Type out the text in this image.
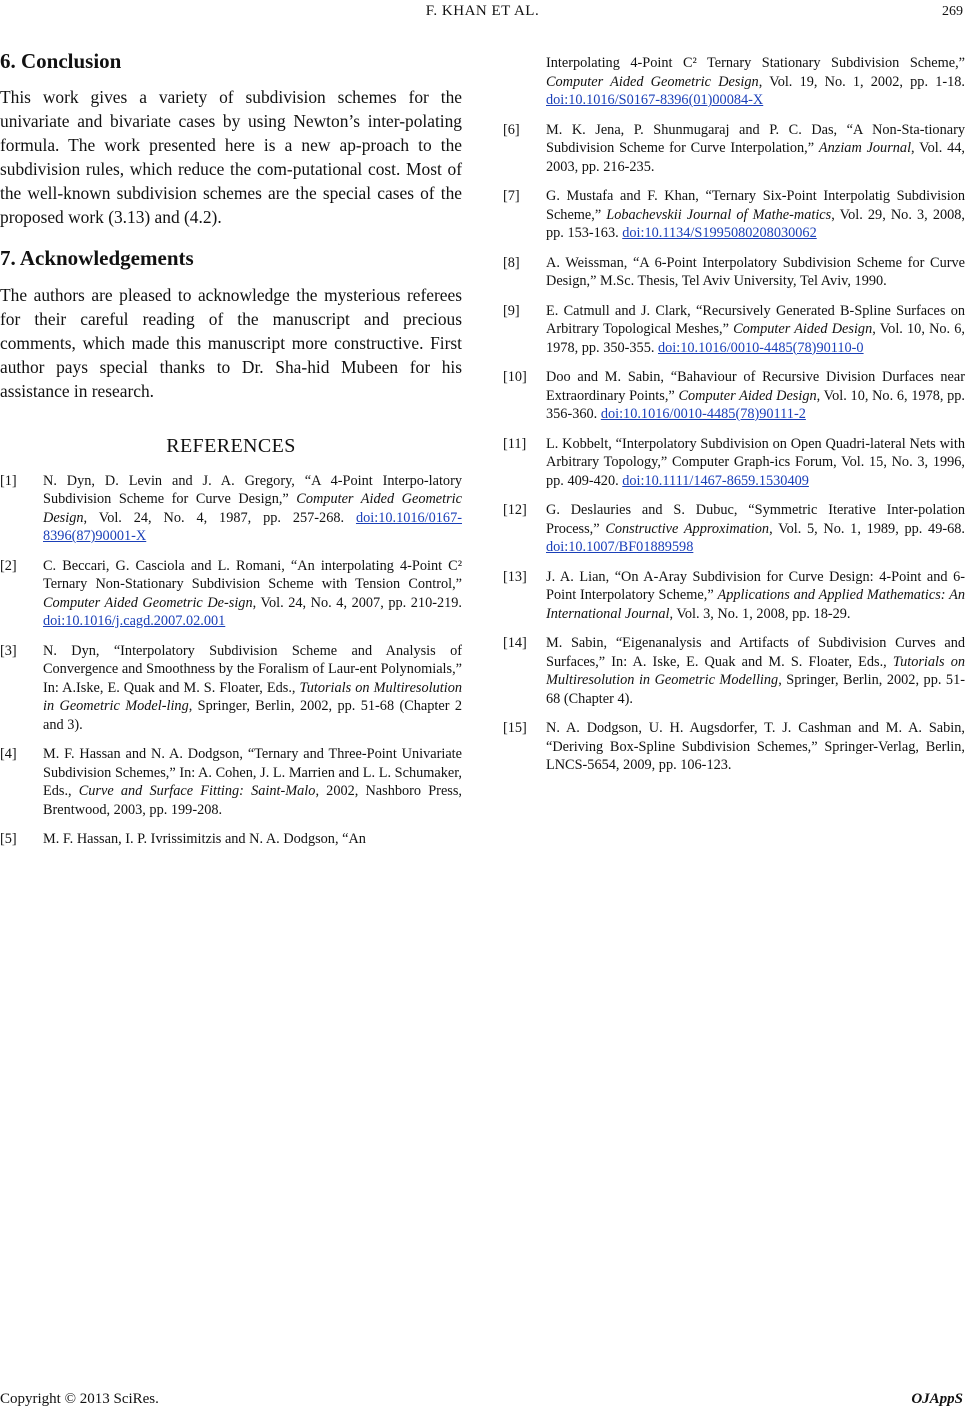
F. KHAN ET AL.	269
6. Conclusion

This work gives a variety of subdivision schemes for the univariate and bivariate cases by using Newton’s inter-polating formula. The work presented here is a new ap-proach to the subdivision rules, which reduce the com-putational cost. Most of the well-known subdivision schemes are the special cases of the proposed work (3.13) and (4.2).

7. Acknowledgements

The authors are pleased to acknowledge the mysterious referees for their careful reading of the manuscript and precious comments, which made this manuscript more constructive. First author pays special thanks to Dr. Sha-hid Mubeen for his assistance in research.

REFERENCES
[1] N. Dyn, D. Levin and J. A. Gregory, “A 4-Point Interpo-latory Subdivision Scheme for Curve Design,” Computer Aided Geometric Design, Vol. 24, No. 4, 1987, pp. 257-268. doi:10.1016/0167-8396(87)90001-X
[2] C. Beccari, G. Casciola and L. Romani, “An interpolating 4-Point C² Ternary Non-Stationary Subdivision Scheme with Tension Control,” Computer Aided Geometric De-sign, Vol. 24, No. 4, 2007, pp. 210-219. doi:10.1016/j.cagd.2007.02.001
[3] N. Dyn, “Interpolatory Subdivision Scheme and Analysis of Convergence and Smoothness by the Foralism of Laur-ent Polynomials,” In: A.Iske, E. Quak and M. S. Floater, Eds., Tutorials on Multiresolution in Geometric Model-ling, Springer, Berlin, 2002, pp. 51-68 (Chapter 2 and 3).
[4] M. F. Hassan and N. A. Dodgson, “Ternary and Three-Point Univariate Subdivision Schemes,” In: A. Cohen, J. L. Marrien and L. L. Schumaker, Eds., Curve and Surface Fitting: Saint-Malo, 2002, Nashboro Press, Brentwood, 2003, pp. 199-208.
[5] M. F. Hassan, I. P. Ivrissimitzis and N. A. Dodgson, “An
Interpolating 4-Point C² Ternary Stationary Subdivision Scheme,” Computer Aided Geometric Design, Vol. 19, No. 1, 2002, pp. 1-18. doi:10.1016/S0167-8396(01)00084-X
[6] M. K. Jena, P. Shunmugaraj and P. C. Das, “A Non-Sta-tionary Subdivision Scheme for Curve Interpolation,” Anziam Journal, Vol. 44, 2003, pp. 216-235.
[7] G. Mustafa and F. Khan, “Ternary Six-Point Interpolatig Subdivision Scheme,” Lobachevskii Journal of Mathe-matics, Vol. 29, No. 3, 2008, pp. 153-163. doi:10.1134/S1995080208030062
[8] A. Weissman, “A 6-Point Interpolatory Subdivision Scheme for Curve Design,” M.Sc. Thesis, Tel Aviv University, Tel Aviv, 1990.
[9] E. Catmull and J. Clark, “Recursively Generated B-Spline Surfaces on Arbitrary Topological Meshes,” Computer Aided Design, Vol. 10, No. 6, 1978, pp. 350-355. doi:10.1016/0010-4485(78)90110-0
[10] Doo and M. Sabin, “Bahaviour of Recursive Division Durfaces near Extraordinary Points,” Computer Aided Design, Vol. 10, No. 6, 1978, pp. 356-360. doi:10.1016/0010-4485(78)90111-2
[11] L. Kobbelt, “Interpolatory Subdivision on Open Quadri-lateral Nets with Arbitrary Topology,” Computer Graph-ics Forum, Vol. 15, No. 3, 1996, pp. 409-420. doi:10.1111/1467-8659.1530409
[12] G. Deslauries and S. Dubuc, “Symmetric Iterative Inter-polation Process,” Constructive Approximation, Vol. 5, No. 1, 1989, pp. 49-68. doi:10.1007/BF01889598
[13] J. A. Lian, “On A-Aray Subdivision for Curve Design: 4-Point and 6-Point Interpolatory Scheme,” Applications and Applied Mathematics: An International Journal, Vol. 3, No. 1, 2008, pp. 18-29.
[14] M. Sabin, “Eigenanalysis and Artifacts of Subdivision Curves and Surfaces,” In: A. Iske, E. Quak and M. S. Floater, Eds., Tutorials on Multiresolution in Geometric Modelling, Springer, Berlin, 2002, pp. 51-68 (Chapter 4).
[15] N. A. Dodgson, U. H. Augsdorfer, T. J. Cashman and M. A. Sabin, “Deriving Box-Spline Subdivision Schemes,” Springer-Verlag, Berlin, LNCS-5654, 2009, pp. 106-123.
Copyright © 2013 SciRes.	OJAppS
